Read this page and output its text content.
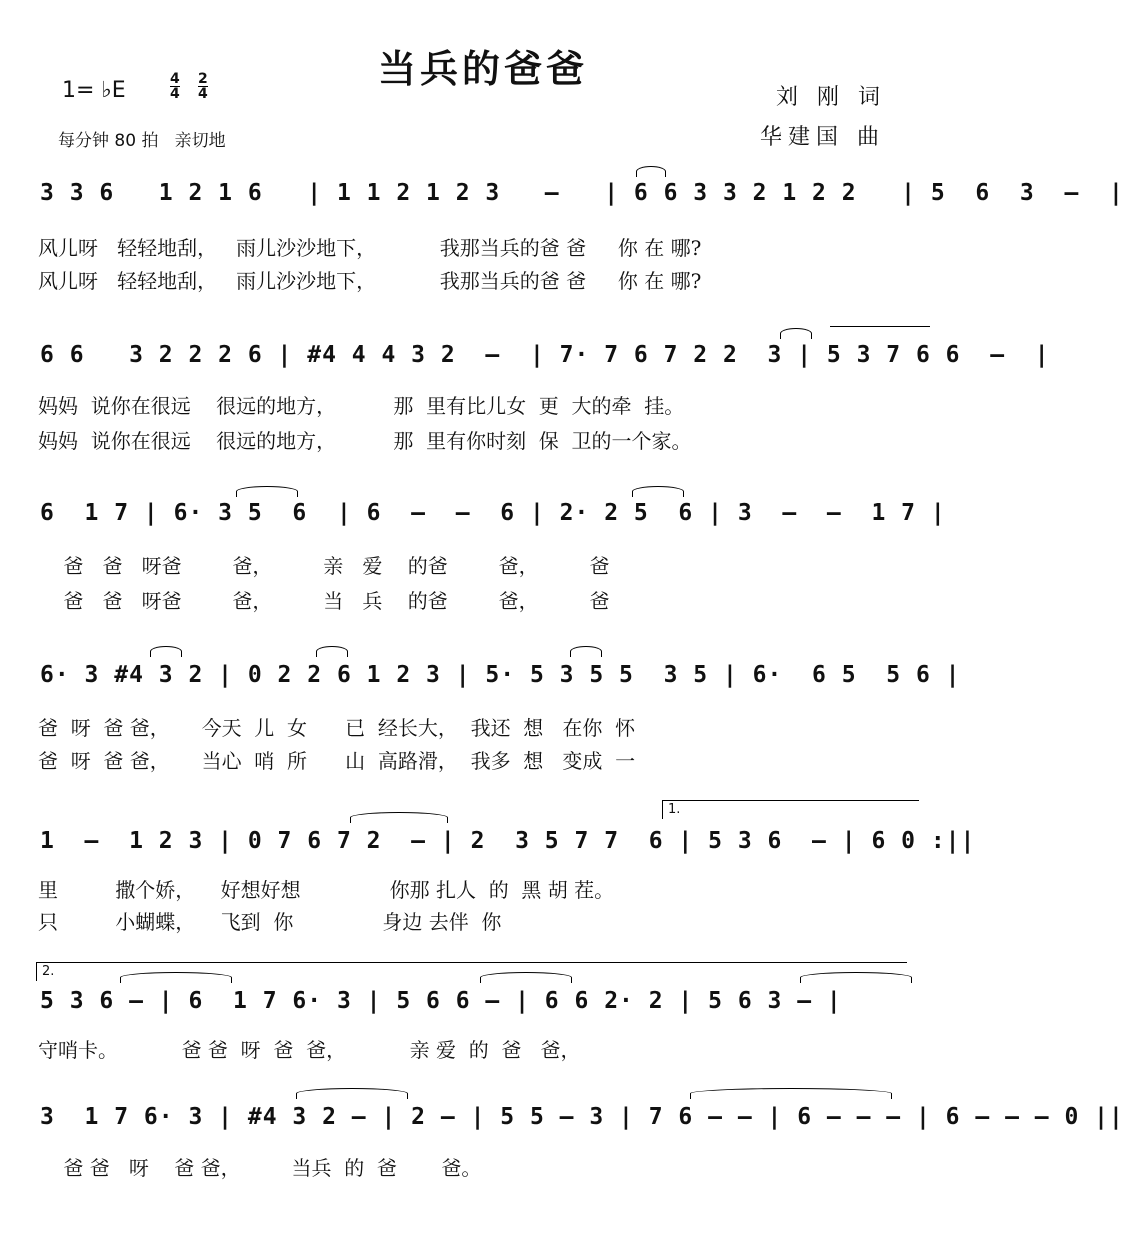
当兵的爸爸
1= ♭E	4
4
2
4
每分钟 80 拍   亲切地
刘 刚 词
华建国 曲
3 3 6   1 2 1 6   | 1 1 2 1 2 3   –   | 6 6 3 3 2 1 2 2   | 5  6  3  –  |
风儿呀   轻轻地刮，   雨儿沙沙地下，          我那当兵的爸 爸     你 在 哪?
风儿呀   轻轻地刮，   雨儿沙沙地下，          我那当兵的爸 爸     你 在 哪?
6 6   3 2 2 2 6 | #4 4 4 3 2  –  | 7· 7 6 7 2 2  3 | 5 3 7 6 6  –  |
妈妈  说你在很远    很远的地方，         那  里有比儿女  更  大的牵  挂。
妈妈  说你在很远    很远的地方，         那  里有你时刻  保  卫的一个家。
6  1 7 | 6· 3 5  6  | 6  –  –  6 | 2· 2 5  6 | 3  –  –  1 7 |
爸   爸   呀爸        爸，        亲   爱    的爸        爸，        爸
爸   爸   呀爸        爸，        当   兵    的爸        爸，        爸
6· 3 #4 3 2 | 0 2 2 6 1 2 3 | 5· 5 3 5 5  3 5 | 6·  6 5  5 6 |
爸  呀  爸 爸，     今天  儿  女      已  经长大，  我还  想   在你  怀
爸  呀  爸 爸，     当心  哨  所      山  高路滑，  我多  想   变成  一
1.
1  –  1 2 3 | 0 7 6 7 2  – | 2  3 5 7 7  6 | 5 3 6  – | 6 0 :||
里         撒个娇，    好想好想              你那 扎人  的  黑 胡 茬。
只         小蝴蝶，    飞到  你              身边 去伴  你
2.
5 3 6 – | 6  1 7 6· 3 | 5 6 6 – | 6 6 2· 2 | 5 6 3 – |
守哨卡。          爸 爸  呀  爸  爸，          亲 爱  的  爸   爸，
3  1 7 6· 3 | #4 3 2 – | 2 – | 5 5 – 3 | 7 6 – – | 6 – – – | 6 – – – 0 ||
爸 爸   呀    爸 爸，        当兵  的  爸       爸。
